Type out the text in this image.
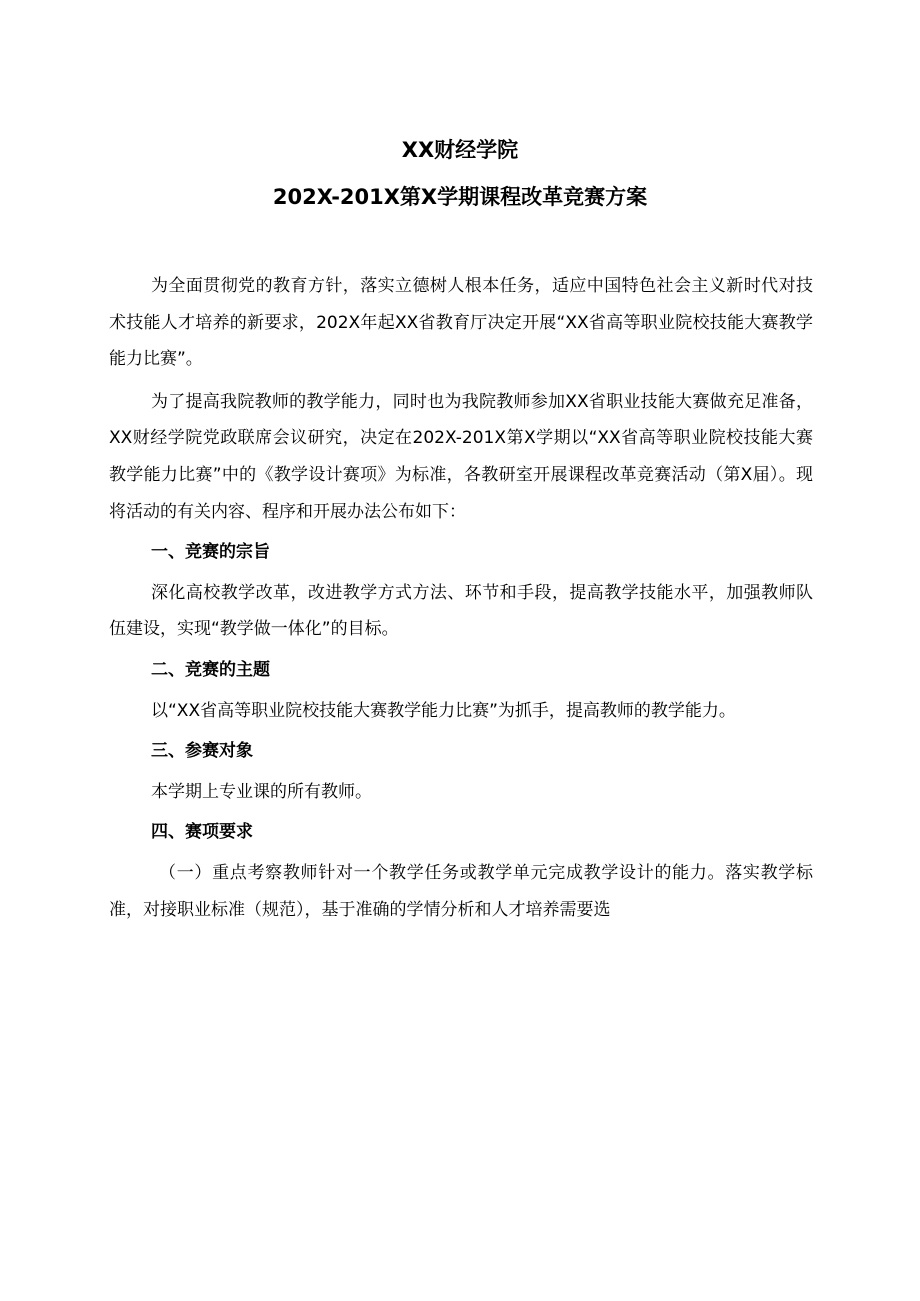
XX财经学院
202X-201X第X学期课程改革竞赛方案

为全面贯彻党的教育方针，落实立德树人根本任务，适应中国特色社会主义新时代对技术技能人才培养的新要求，202X年起XX省教育厅决定开展“XX省高等职业院校技能大赛教学能力比赛”。

为了提高我院教师的教学能力，同时也为我院教师参加XX省职业技能大赛做充足准备，XX财经学院党政联席会议研究，决定在202X-201X第X学期以“XX省高等职业院校技能大赛教学能力比赛”中的《教学设计赛项》为标准，各教研室开展课程改革竞赛活动（第X届）。现将活动的有关内容、程序和开展办法公布如下：

一、竞赛的宗旨

深化高校教学改革，改进教学方式方法、环节和手段，提高教学技能水平，加强教师队伍建设，实现“教学做一体化”的目标。

二、竞赛的主题

以“XX省高等职业院校技能大赛教学能力比赛”为抓手，提高教师的教学能力。

三、参赛对象

本学期上专业课的所有教师。

四、赛项要求

（一）重点考察教师针对一个教学任务或教学单元完成教学设计的能力。落实教学标准，对接职业标准（规范），基于准确的学情分析和人才培养需要选
